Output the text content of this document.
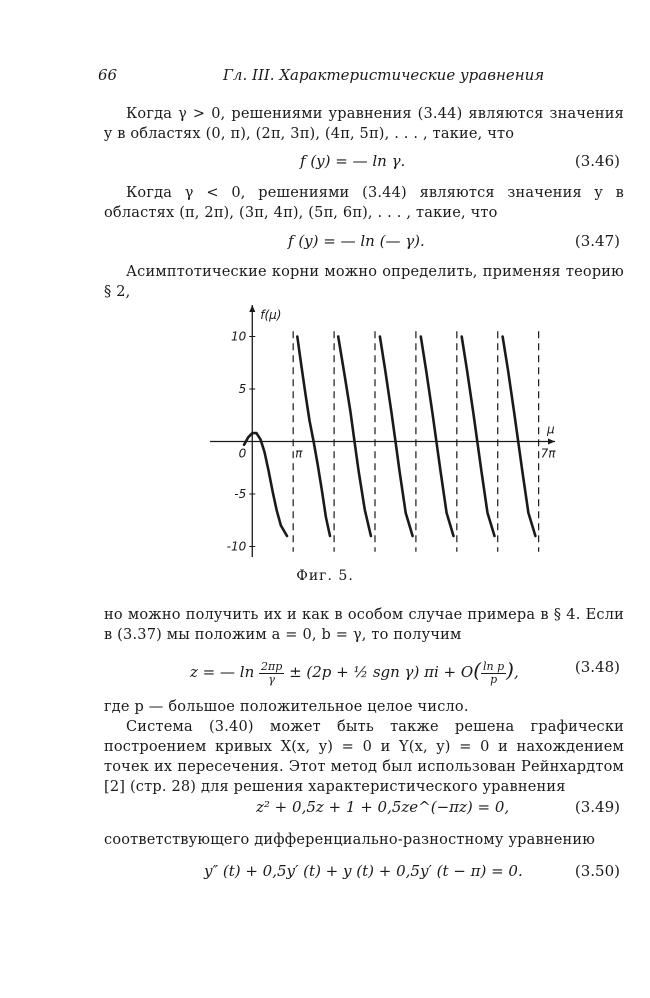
66	Гл. III. Характеристические уравнения
Когда γ > 0, решениями уравнения (3.44) являются значения y в областях (0, π), (2π, 3π), (4π, 5π), . . . , такие, что
f (y) = — ln γ.	(3.46)
Когда γ < 0, решениями (3.44) являются значения y в областях (π, 2π), (3π, 4π), (5π, 6π), . . . , такие, что
f (y) = — ln (— γ).	(3.47)
Асимптотические корни можно определить, применяя теорию § 2,
f(μ)
μ
10
5
-5
-10
0	π	7π
Фиг. 5.
но можно получить их и как в особом случае примера в § 4. Если в (3.37) мы положим a = 0, b = γ, то получим
z = — $\ln \frac{2\pi p}{\gamma} \pm (2p$ + ½ sgn γ) $\pi i + O( \frac{\text{ln p}}{p}$ ),	(3.48)
где p — большое положительное целое число.
Система (3.40) может быть также решена графически построением кривых X(x, y) = 0 и Y(x, y) = 0 и нахождением точек их пересечения. Этот метод был использован Рейнхардтом [2] (стр. 28) для решения характеристического уравнения
z² + 0,5z + 1 + 0,5ze^(−πz) = 0,	(3.49)
соответствующего дифференциально-разностному уравнению
y″ (t) + 0,5y′ (t) + y (t) + 0,5y′ (t − π) = 0.	(3.50)
